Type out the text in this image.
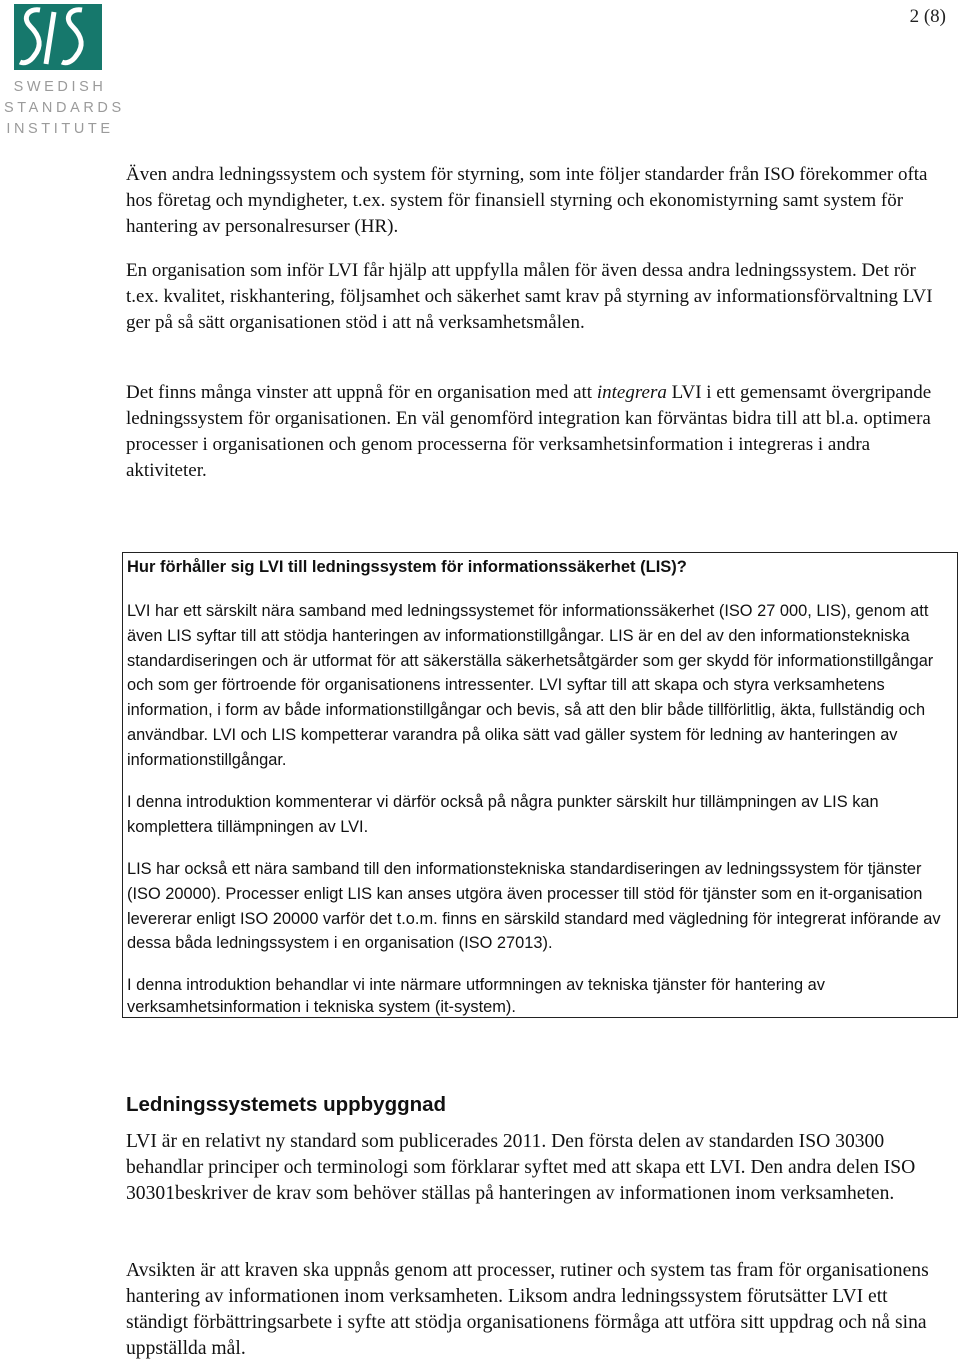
SWEDISH
STANDARDS
INSTITUTE
2 (8)

Även andra ledningssystem och system för styrning, som inte följer standarder från ISO förekommer ofta hos företag och myndigheter, t.ex. system för finansiell styrning och ekonomistyrning samt system för hantering av personalresurser (HR).

En organisation som inför LVI får hjälp att uppfylla målen för även dessa andra ledningssystem. Det rör t.ex. kvalitet, riskhantering, följsamhet och säkerhet samt krav på styrning av informationsförvaltning LVI ger på så sätt organisationen stöd i att nå verksamhetsmålen.

Det finns många vinster att uppnå för en organisation med att integrera LVI i ett gemensamt övergripande ledningssystem för organisationen. En väl genomförd integration kan förväntas bidra till att bl.a. optimera processer i organisationen och genom processerna för verksamhetsinformation i integreras i andra aktiviteter.

Hur förhåller sig LVI till ledningssystem för informationssäkerhet (LIS)?

LVI har ett särskilt nära samband med ledningssystemet för informationssäkerhet (ISO 27 000, LIS), genom att även LIS syftar till att stödja hanteringen av informationstillgångar. LIS är en del av den informationstekniska standardiseringen och är utformat för att säkerställa säkerhetsåtgärder som ger skydd för informationstillgångar och som ger förtroende för organisationens intressenter. LVI syftar till att skapa och styra verksamhetens information, i form av både informationstillgångar och bevis, så att den blir både tillförlitlig, äkta, fullständig och användbar. LVI och LIS kompetterar varandra på olika sätt vad gäller system för ledning av hanteringen av informationstillgångar.

I denna introduktion kommenterar vi därför också på några punkter särskilt hur tillämpningen av LIS kan komplettera tillämpningen av LVI.

LIS har också ett nära samband till den informationstekniska standardiseringen av ledningssystem för tjänster (ISO 20000). Processer enligt LIS kan anses utgöra även processer till stöd för tjänster som en it-organisation levererar enligt ISO 20000 varför det t.o.m. finns en särskild standard med vägledning för integrerat införande av dessa båda ledningssystem i en organisation (ISO 27013).

I denna introduktion behandlar vi inte närmare utformningen av tekniska tjänster för hantering av verksamhetsinformation i tekniska system (it-system).

Ledningssystemets uppbyggnad

LVI är en relativt ny standard som publicerades 2011. Den första delen av standarden ISO 30300 behandlar principer och terminologi som förklarar syftet med att skapa ett LVI. Den andra delen ISO 30301beskriver de krav som behöver ställas på hanteringen av informationen inom verksamheten.

Avsikten är att kraven ska uppnås genom att processer, rutiner och system tas fram för organisationens hantering av informationen inom verksamheten. Liksom andra ledningssystem förutsätter LVI ett ständigt förbättringsarbete i syfte att stödja organisationens förmåga att utföra sitt uppdrag och nå sina uppställda mål.
